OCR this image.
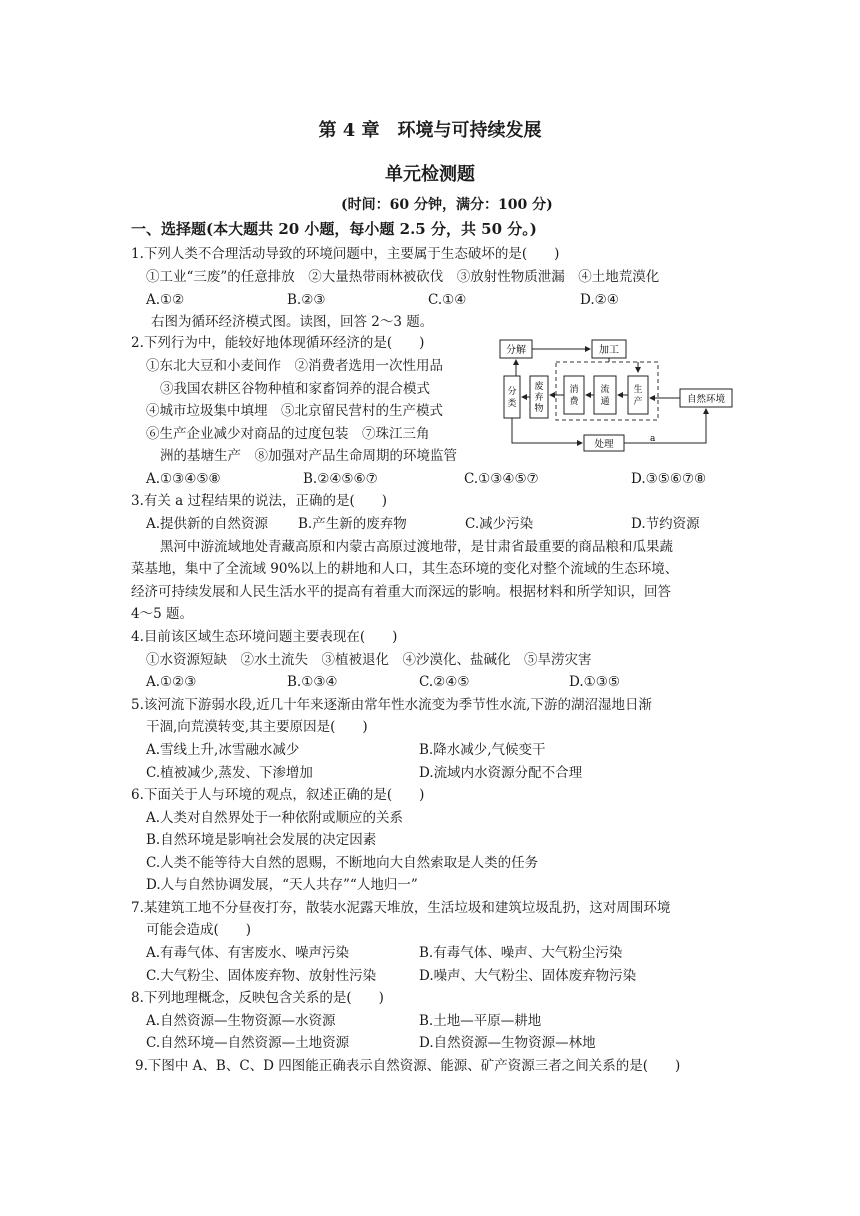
第 4 章　环境与可持续发展
单元检测题
(时间：60 分钟，满分：100 分)
一、选择题(本大题共 20 小题，每小题 2.5 分，共 50 分。)
1.下列人类不合理活动导致的环境问题中，主要属于生态破坏的是(　　)
①工业“三废”的任意排放　②大量热带雨林被砍伐　③放射性物质泄漏　④土地荒漠化
A.①②	B.②③	C.①④	D.②④
右图为循环经济模式图。读图，回答 2～3 题。
2.下列行为中，能较好地体现循环经济的是(　　)
①东北大豆和小麦间作　②消费者选用一次性用品
③我国农耕区谷物种植和家畜饲养的混合模式
④城市垃圾集中填埋　⑤北京留民营村的生产模式
⑥生产企业减少对商品的过度包装　⑦珠江三角
洲的基塘生产　⑧加强对产品生命周期的环境监管
A.①③④⑤⑧	B.②④⑤⑥⑦	C.①③④⑤⑦	D.③⑤⑥⑦⑧
分解	加工
分类
废弃物
消费
流通
生产	自然环境
处理	a
3.有关 a 过程结果的说法，正确的是(　　)
A.提供新的自然资源 B.产生新的废弃物	C.减少污染	D.节约资源
黑河中游流域地处青藏高原和内蒙古高原过渡地带，是甘肃省最重要的商品粮和瓜果蔬
菜基地，集中了全流域 90%以上的耕地和人口，其生态环境的变化对整个流域的生态环境、
经济可持续发展和人民生活水平的提高有着重大而深远的影响。根据材料和所学知识，回答
4～5 题。
4.目前该区域生态环境问题主要表现在(　　)
①水资源短缺　②水土流失　③植被退化　④沙漠化、盐碱化　⑤旱涝灾害
A.①②③	B.①③④	C.②④⑤	D.①③⑤
5.该河流下游弱水段,近几十年来逐渐由常年性水流变为季节性水流,下游的湖沼湿地日渐
干涸,向荒漠转变,其主要原因是(　　)
A.雪线上升,冰雪融水减少	B.降水减少,气候变干
C.植被减少,蒸发、下渗增加	D.流域内水资源分配不合理
6.下面关于人与环境的观点，叙述正确的是(　　)
A.人类对自然界处于一种依附或顺应的关系
B.自然环境是影响社会发展的决定因素
C.人类不能等待大自然的恩赐，不断地向大自然索取是人类的任务
D.人与自然协调发展，“天人共存”“人地归一”
7.某建筑工地不分昼夜打夯，散装水泥露天堆放，生活垃圾和建筑垃圾乱扔，这对周围环境
可能会造成(　　)
A.有毒气体、有害废水、噪声污染	B.有毒气体、噪声、大气粉尘污染
C.大气粉尘、固体废弃物、放射性污染	D.噪声、大气粉尘、固体废弃物污染
8.下列地理概念，反映包含关系的是(　　)
A.自然资源—生物资源—水资源	B.土地—平原—耕地
C.自然环境—自然资源—土地资源	D.自然资源—生物资源—林地
9.下图中 A、B、C、D 四图能正确表示自然资源、能源、矿产资源三者之间关系的是(　　)
